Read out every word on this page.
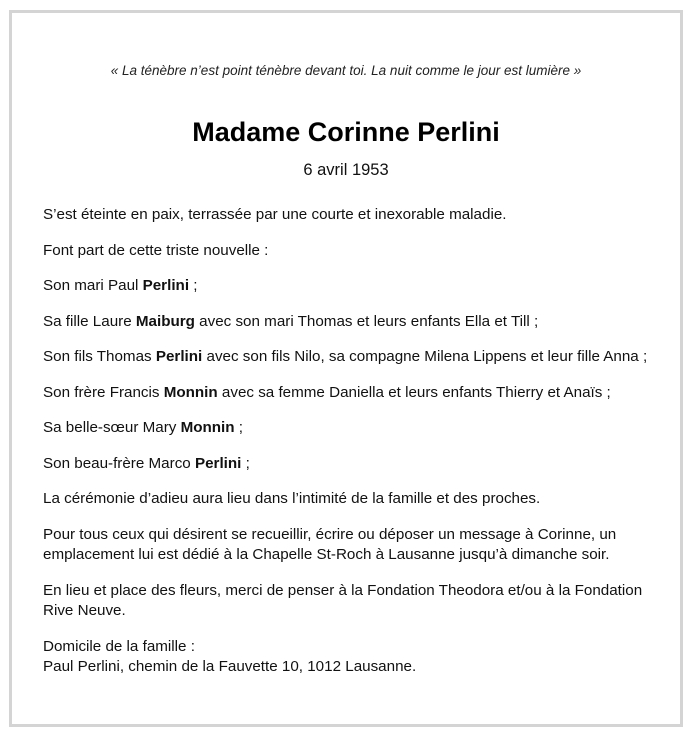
« La ténèbre n’est point ténèbre devant toi. La nuit comme le jour est lumière »
Madame Corinne Perlini
6 avril 1953

S’est éteinte en paix, terrassée par une courte et inexorable maladie.

Font part de cette triste nouvelle :

Son mari Paul Perlini ;

Sa fille Laure Maiburg avec son mari Thomas et leurs enfants Ella et Till ;

Son fils Thomas Perlini avec son fils Nilo, sa compagne Milena Lippens et leur fille Anna ;

Son frère Francis Monnin avec sa femme Daniella et leurs enfants Thierry et Anaïs ;

Sa belle-sœur Mary Monnin ;

Son beau-frère Marco Perlini ;

La cérémonie d’adieu aura lieu dans l’intimité de la famille et des proches.

Pour tous ceux qui désirent se recueillir, écrire ou déposer un message à Corinne, un emplacement lui est dédié à la Chapelle St-Roch à Lausanne jusqu’à dimanche soir.

En lieu et place des fleurs, merci de penser à la Fondation Theodora et/ou à la Fondation Rive Neuve.

Domicile de la famille :
Paul Perlini, chemin de la Fauvette 10, 1012 Lausanne.
